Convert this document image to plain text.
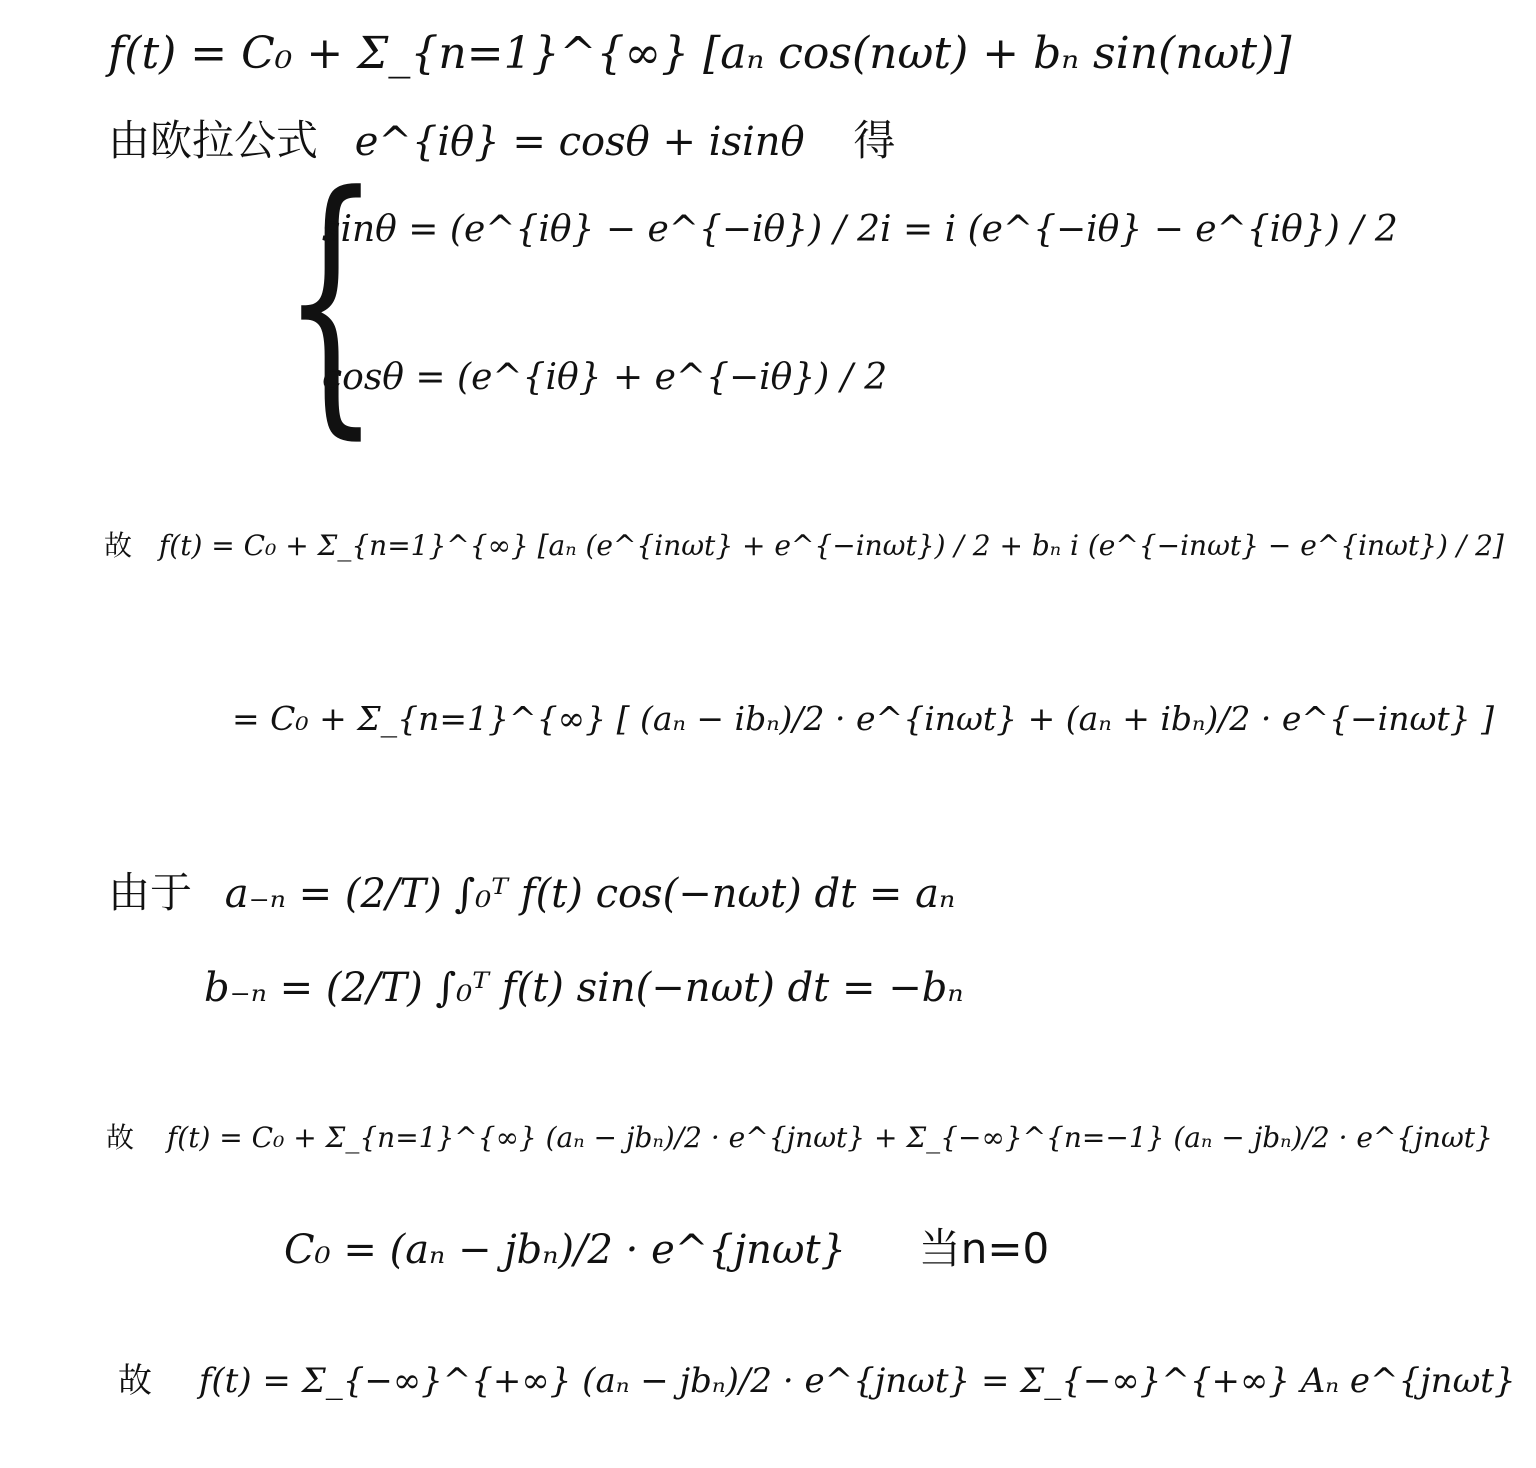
f(t) = C₀ + Σ_{n=1}^{∞} [aₙ cos(nωt) + bₙ sin(nωt)]
由欧拉公式 e^{iθ} = cosθ + isinθ 得
{
sinθ = (e^{iθ} − e^{−iθ}) / 2i = i (e^{−iθ} − e^{iθ}) / 2
cosθ = (e^{iθ} + e^{−iθ}) / 2
故 f(t) = C₀ + Σ_{n=1}^{∞} [aₙ (e^{inωt} + e^{−inωt}) / 2 + bₙ i (e^{−inωt} − e^{inωt}) / 2]
= C₀ + Σ_{n=1}^{∞} [ (aₙ − ibₙ)/2 · e^{inωt} + (aₙ + ibₙ)/2 · e^{−inωt} ]
由于 a₋ₙ = (2/T) ∫₀ᵀ f(t) cos(−nωt) dt = aₙ
b₋ₙ = (2/T) ∫₀ᵀ f(t) sin(−nωt) dt = −bₙ
故 f(t) = C₀ + Σ_{n=1}^{∞} (aₙ − jbₙ)/2 · e^{jnωt} + Σ_{−∞}^{n=−1} (aₙ − jbₙ)/2 · e^{jnωt}
C₀ = (aₙ − jbₙ)/2 · e^{jnωt} 当n=0
故 f(t) = Σ_{−∞}^{+∞} (aₙ − jbₙ)/2 · e^{jnωt} = Σ_{−∞}^{+∞} Aₙ e^{jnωt}
